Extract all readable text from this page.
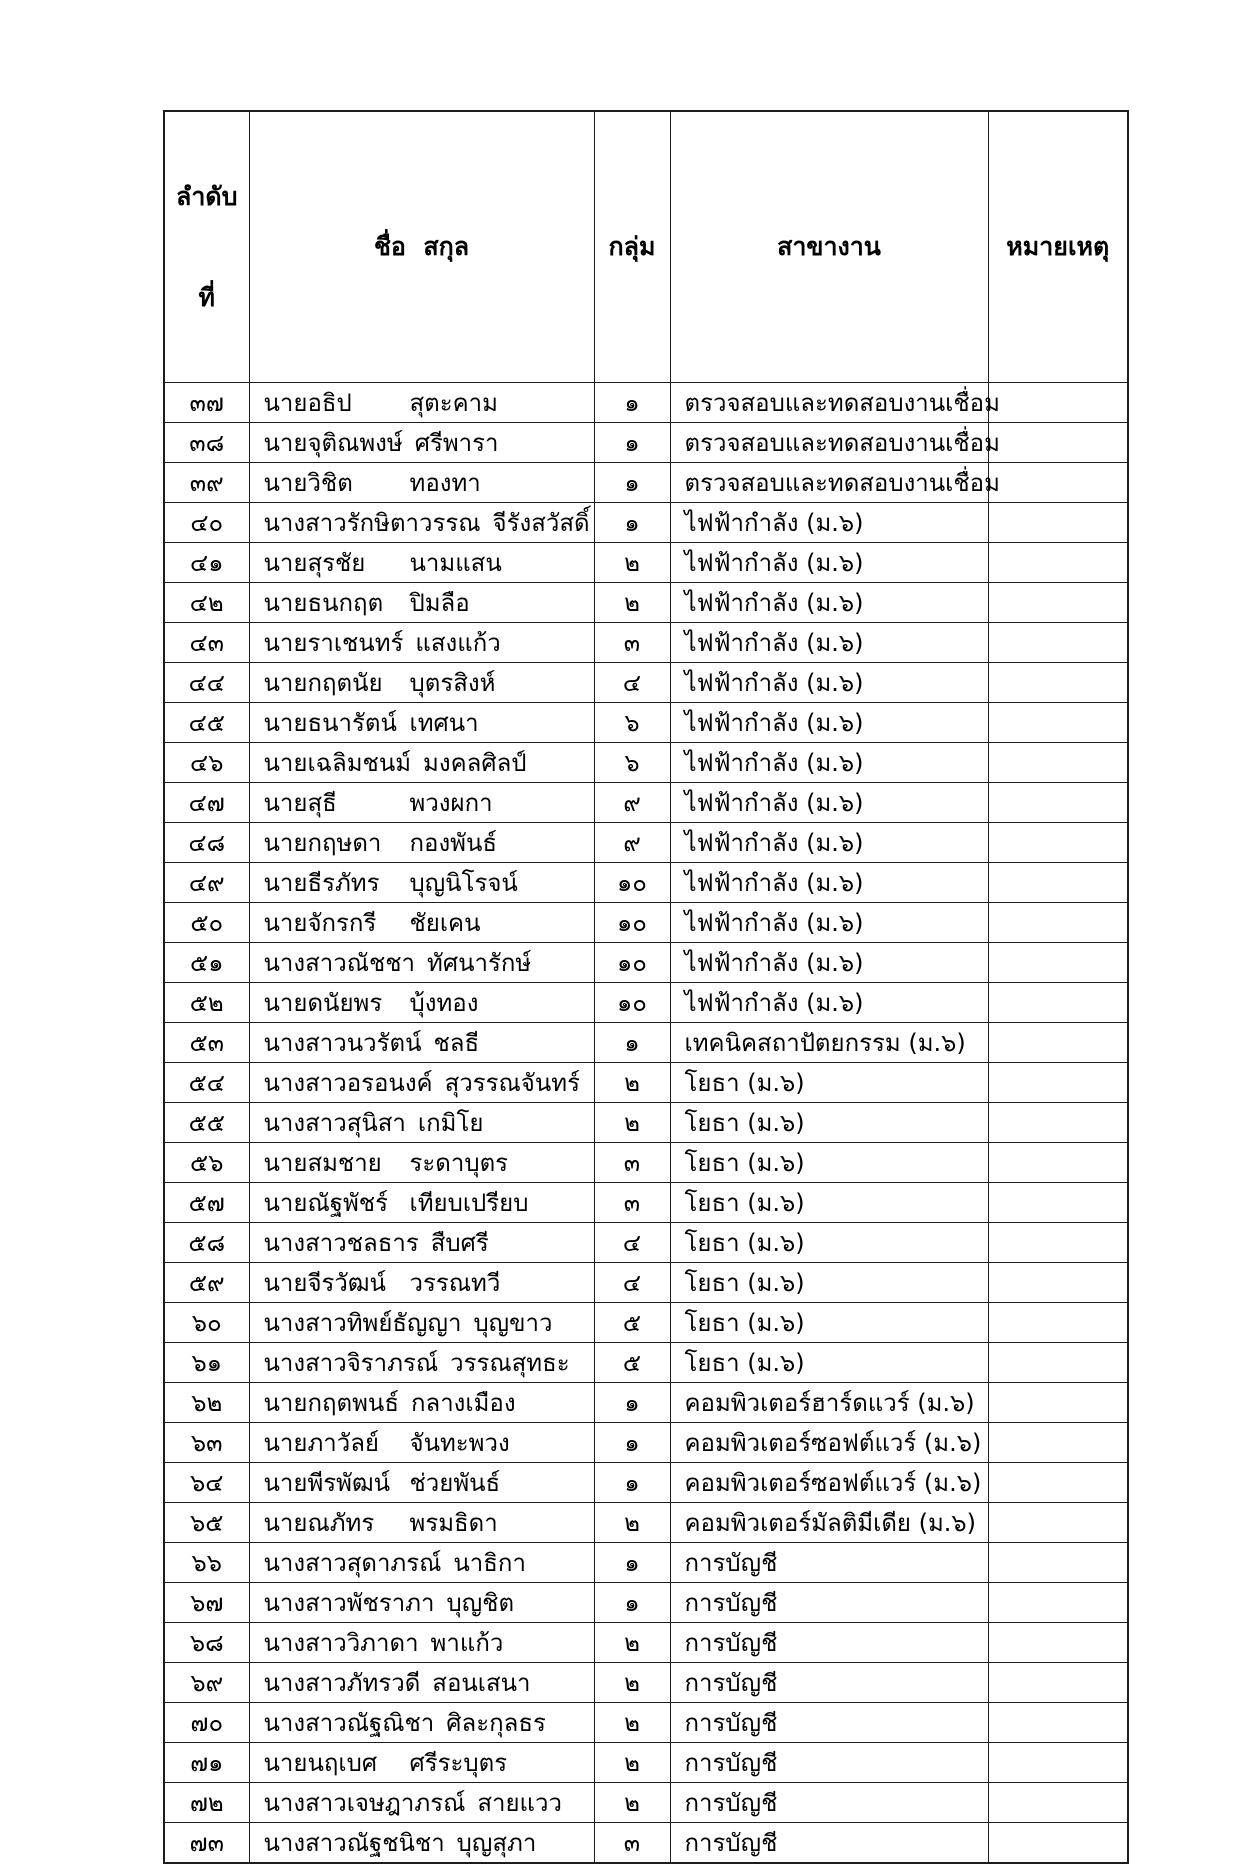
ลำดับ

ที่	ชื่อ  สกุล	กลุ่ม	สาขางาน	หมายเหตุ
๓๗	นายอธิป สุตะคาม	๑	ตรวจสอบและทดสอบงานเชื่อม	
๓๘	นายจุติณพงษ์ ศรีพารา	๑	ตรวจสอบและทดสอบงานเชื่อม	
๓๙	นายวิชิต ทองทา	๑	ตรวจสอบและทดสอบงานเชื่อม	
๔๐	นางสาวรักษิตาวรรณ จีรังสวัสดิ์	๑	ไฟฟ้ากำลัง (ม.๖)	
๔๑	นายสุรชัย นามแสน	๒	ไฟฟ้ากำลัง (ม.๖)	
๔๒	นายธนกฤต ปิมลือ	๒	ไฟฟ้ากำลัง (ม.๖)	
๔๓	นายราเชนทร์ แสงแก้ว	๓	ไฟฟ้ากำลัง (ม.๖)	
๔๔	นายกฤตนัย บุตรสิงห์	๔	ไฟฟ้ากำลัง (ม.๖)	
๔๕	นายธนารัตน์ เทศนา	๖	ไฟฟ้ากำลัง (ม.๖)	
๔๖	นายเฉลิมชนม์ มงคลศิลป์	๖	ไฟฟ้ากำลัง (ม.๖)	
๔๗	นายสุธี พวงผกา	๙	ไฟฟ้ากำลัง (ม.๖)	
๔๘	นายกฤษดา กองพันธ์	๙	ไฟฟ้ากำลัง (ม.๖)	
๔๙	นายธีรภัทร บุญนิโรจน์	๑๐	ไฟฟ้ากำลัง (ม.๖)	
๕๐	นายจักรกรี ชัยเคน	๑๐	ไฟฟ้ากำลัง (ม.๖)	
๕๑	นางสาวณัชชา ทัศนารักษ์	๑๐	ไฟฟ้ากำลัง (ม.๖)	
๕๒	นายดนัยพร บุ้งทอง	๑๐	ไฟฟ้ากำลัง (ม.๖)	
๕๓	นางสาวนวรัตน์ ชลธี	๑	เทคนิคสถาปัตยกรรม (ม.๖)	
๕๔	นางสาวอรอนงค์ สุวรรณจันทร์	๒	โยธา (ม.๖)	
๕๕	นางสาวสุนิสา เกมิโย	๒	โยธา (ม.๖)	
๕๖	นายสมชาย ระดาบุตร	๓	โยธา (ม.๖)	
๕๗	นายณัฐพัชร์ เทียบเปรียบ	๓	โยธา (ม.๖)	
๕๘	นางสาวชลธาร สืบศรี	๔	โยธา (ม.๖)	
๕๙	นายจีรวัฒน์ วรรณทวี	๔	โยธา (ม.๖)	
๖๐	นางสาวทิพย์ธัญญา บุญขาว	๕	โยธา (ม.๖)	
๖๑	นางสาวจิราภรณ์ วรรณสุทธะ	๕	โยธา (ม.๖)	
๖๒	นายกฤตพนธ์ กลางเมือง	๑	คอมพิวเตอร์ฮาร์ดแวร์ (ม.๖)	
๖๓	นายภาวัลย์ จันทะพวง	๑	คอมพิวเตอร์ซอฟต์แวร์ (ม.๖)	
๖๔	นายพีรพัฒน์ ช่วยพันธ์	๑	คอมพิวเตอร์ซอฟต์แวร์ (ม.๖)	
๖๕	นายณภัทร พรมธิดา	๒	คอมพิวเตอร์มัลติมีเดีย (ม.๖)	
๖๖	นางสาวสุดาภรณ์ นาธิกา	๑	การบัญชี	
๖๗	นางสาวพัชราภา บุญชิต	๑	การบัญชี	
๖๘	นางสาววิภาดา พาแก้ว	๒	การบัญชี	
๖๙	นางสาวภัทรวดี สอนเสนา	๒	การบัญชี	
๗๐	นางสาวณัฐณิชา ศิละกุลธร	๒	การบัญชี	
๗๑	นายนฤเบศ ศรีระบุตร	๒	การบัญชี	
๗๒	นางสาวเจษฎาภรณ์ สายแวว	๒	การบัญชี	
๗๓	นางสาวณัฐชนิชา บุญสุภา	๓	การบัญชี	
